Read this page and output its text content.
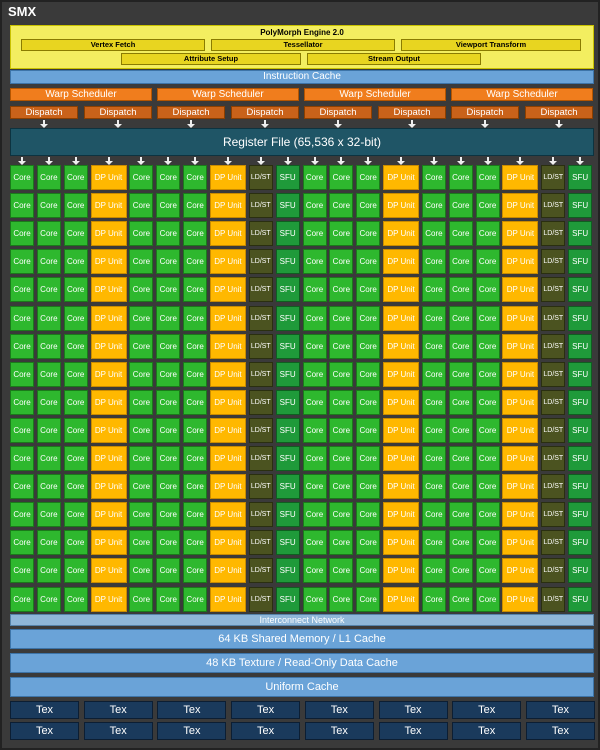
SMX
PolyMorph Engine 2.0
Vertex Fetch	Tessellator	Viewport Transform
Attribute Setup	Stream Output
Instruction Cache
Warp Scheduler
Dispatch	Dispatch
Warp Scheduler
Dispatch	Dispatch
Warp Scheduler
Dispatch	Dispatch
Warp Scheduler
Dispatch	Dispatch
Register File (65,536 x 32-bit)
Core	Core	Core	DP Unit	Core	Core	Core	DP Unit	LD/ST	SFU	Core	Core	Core	DP Unit	Core	Core	Core	DP Unit	LD/ST	SFU
Core	Core	Core	DP Unit	Core	Core	Core	DP Unit	LD/ST	SFU	Core	Core	Core	DP Unit	Core	Core	Core	DP Unit	LD/ST	SFU
Core	Core	Core	DP Unit	Core	Core	Core	DP Unit	LD/ST	SFU	Core	Core	Core	DP Unit	Core	Core	Core	DP Unit	LD/ST	SFU
Core	Core	Core	DP Unit	Core	Core	Core	DP Unit	LD/ST	SFU	Core	Core	Core	DP Unit	Core	Core	Core	DP Unit	LD/ST	SFU
Core	Core	Core	DP Unit	Core	Core	Core	DP Unit	LD/ST	SFU	Core	Core	Core	DP Unit	Core	Core	Core	DP Unit	LD/ST	SFU
Core	Core	Core	DP Unit	Core	Core	Core	DP Unit	LD/ST	SFU	Core	Core	Core	DP Unit	Core	Core	Core	DP Unit	LD/ST	SFU
Core	Core	Core	DP Unit	Core	Core	Core	DP Unit	LD/ST	SFU	Core	Core	Core	DP Unit	Core	Core	Core	DP Unit	LD/ST	SFU
Core	Core	Core	DP Unit	Core	Core	Core	DP Unit	LD/ST	SFU	Core	Core	Core	DP Unit	Core	Core	Core	DP Unit	LD/ST	SFU
Core	Core	Core	DP Unit	Core	Core	Core	DP Unit	LD/ST	SFU	Core	Core	Core	DP Unit	Core	Core	Core	DP Unit	LD/ST	SFU
Core	Core	Core	DP Unit	Core	Core	Core	DP Unit	LD/ST	SFU	Core	Core	Core	DP Unit	Core	Core	Core	DP Unit	LD/ST	SFU
Core	Core	Core	DP Unit	Core	Core	Core	DP Unit	LD/ST	SFU	Core	Core	Core	DP Unit	Core	Core	Core	DP Unit	LD/ST	SFU
Core	Core	Core	DP Unit	Core	Core	Core	DP Unit	LD/ST	SFU	Core	Core	Core	DP Unit	Core	Core	Core	DP Unit	LD/ST	SFU
Core	Core	Core	DP Unit	Core	Core	Core	DP Unit	LD/ST	SFU	Core	Core	Core	DP Unit	Core	Core	Core	DP Unit	LD/ST	SFU
Core	Core	Core	DP Unit	Core	Core	Core	DP Unit	LD/ST	SFU	Core	Core	Core	DP Unit	Core	Core	Core	DP Unit	LD/ST	SFU
Core	Core	Core	DP Unit	Core	Core	Core	DP Unit	LD/ST	SFU	Core	Core	Core	DP Unit	Core	Core	Core	DP Unit	LD/ST	SFU
Core	Core	Core	DP Unit	Core	Core	Core	DP Unit	LD/ST	SFU	Core	Core	Core	DP Unit	Core	Core	Core	DP Unit	LD/ST	SFU
Interconnect Network
64 KB Shared Memory / L1 Cache
48 KB Texture / Read-Only Data Cache
Uniform Cache
Tex	Tex	Tex	Tex	Tex	Tex	Tex	Tex
Tex	Tex	Tex	Tex	Tex	Tex	Tex	Tex
